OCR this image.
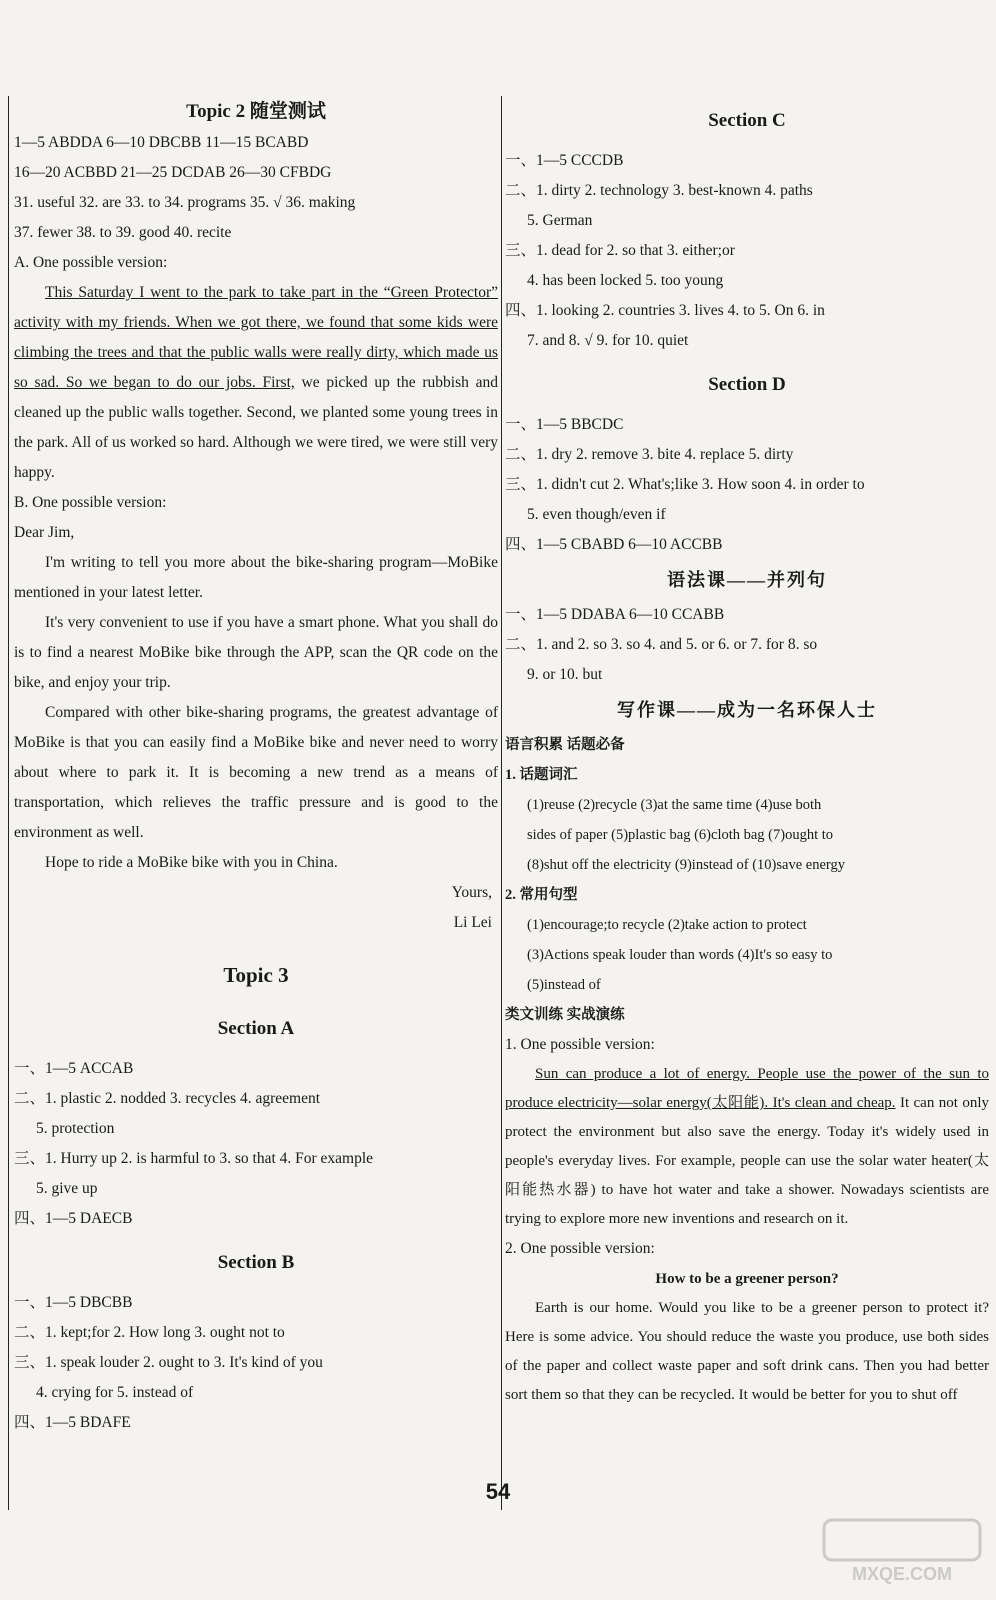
Topic 2 随堂测试
1—5 ABDDA 6—10 DBCBB 11—15 BCABD
16—20 ACBBD 21—25 DCDAB 26—30 CFBDG
31. useful 32. are 33. to 34. programs 35. √ 36. making
37. fewer 38. to 39. good 40. recite
A. One possible version:

This Saturday I went to the park to take part in the “Green Protector” activity with my friends. When we got there, we found that some kids were climbing the trees and that the public walls were really dirty, which made us so sad. So we began to do our jobs. First, we picked up the rubbish and cleaned up the public walls together. Second, we planted some young trees in the park. All of us worked so hard. Although we were tired, we were still very happy.

B. One possible version:
Dear Jim,

I'm writing to tell you more about the bike-sharing program—MoBike mentioned in your latest letter.

It's very convenient to use if you have a smart phone. What you shall do is to find a nearest MoBike bike through the APP, scan the QR code on the bike, and enjoy your trip.

Compared with other bike-sharing programs, the greatest advantage of MoBike is that you can easily find a MoBike bike and never need to worry about where to park it. It is becoming a new trend as a means of transportation, which relieves the traffic pressure and is good to the environment as well.

Hope to ride a MoBike bike with you in China.

Yours,
Li Lei
Topic 3
Section A
一、1—5 ACCAB
二、1. plastic 2. nodded 3. recycles 4. agreement
5. protection
三、1. Hurry up 2. is harmful to 3. so that 4. For example
5. give up
四、1—5 DAECB
Section B
一、1—5 DBCBB
二、1. kept;for 2. How long 3. ought not to
三、1. speak louder 2. ought to 3. It's kind of you
4. crying for 5. instead of
四、1—5 BDAFE
Section C
一、1—5 CCCDB
二、1. dirty 2. technology 3. best-known 4. paths
5. German
三、1. dead for 2. so that 3. either;or
4. has been locked 5. too young
四、1. looking 2. countries 3. lives 4. to 5. On 6. in
7. and 8. √ 9. for 10. quiet
Section D
一、1—5 BBCDC
二、1. dry 2. remove 3. bite 4. replace 5. dirty
三、1. didn't cut 2. What's;like 3. How soon 4. in order to
5. even though/even if
四、1—5 CBABD 6—10 ACCBB
语法课——并列句
一、1—5 DDABA 6—10 CCABB
二、1. and 2. so 3. so 4. and 5. or 6. or 7. for 8. so
9. or 10. but
写作课——成为一名环保人士
语言积累 话题必备
1. 话题词汇
(1)reuse (2)recycle (3)at the same time (4)use both
sides of paper (5)plastic bag (6)cloth bag (7)ought to
(8)shut off the electricity (9)instead of (10)save energy
2. 常用句型
(1)encourage;to recycle (2)take action to protect
(3)Actions speak louder than words (4)It's so easy to
(5)instead of
类文训练 实战演练
1. One possible version:

Sun can produce a lot of energy. People use the power of the sun to produce electricity—solar energy(太阳能). It's clean and cheap. It can not only protect the environment but also save the energy. Today it's widely used in people's everyday lives. For example, people can use the solar water heater(太阳能热水器) to have hot water and take a shower. Nowadays scientists are trying to explore more new inventions and research on it.

2. One possible version:
How to be a greener person?

Earth is our home. Would you like to be a greener person to protect it? Here is some advice. You should reduce the waste you produce, use both sides of the paper and collect waste paper and soft drink cans. Then you had better sort them so that they can be recycled. It would be better for you to shut off

54
MXQE.COM
